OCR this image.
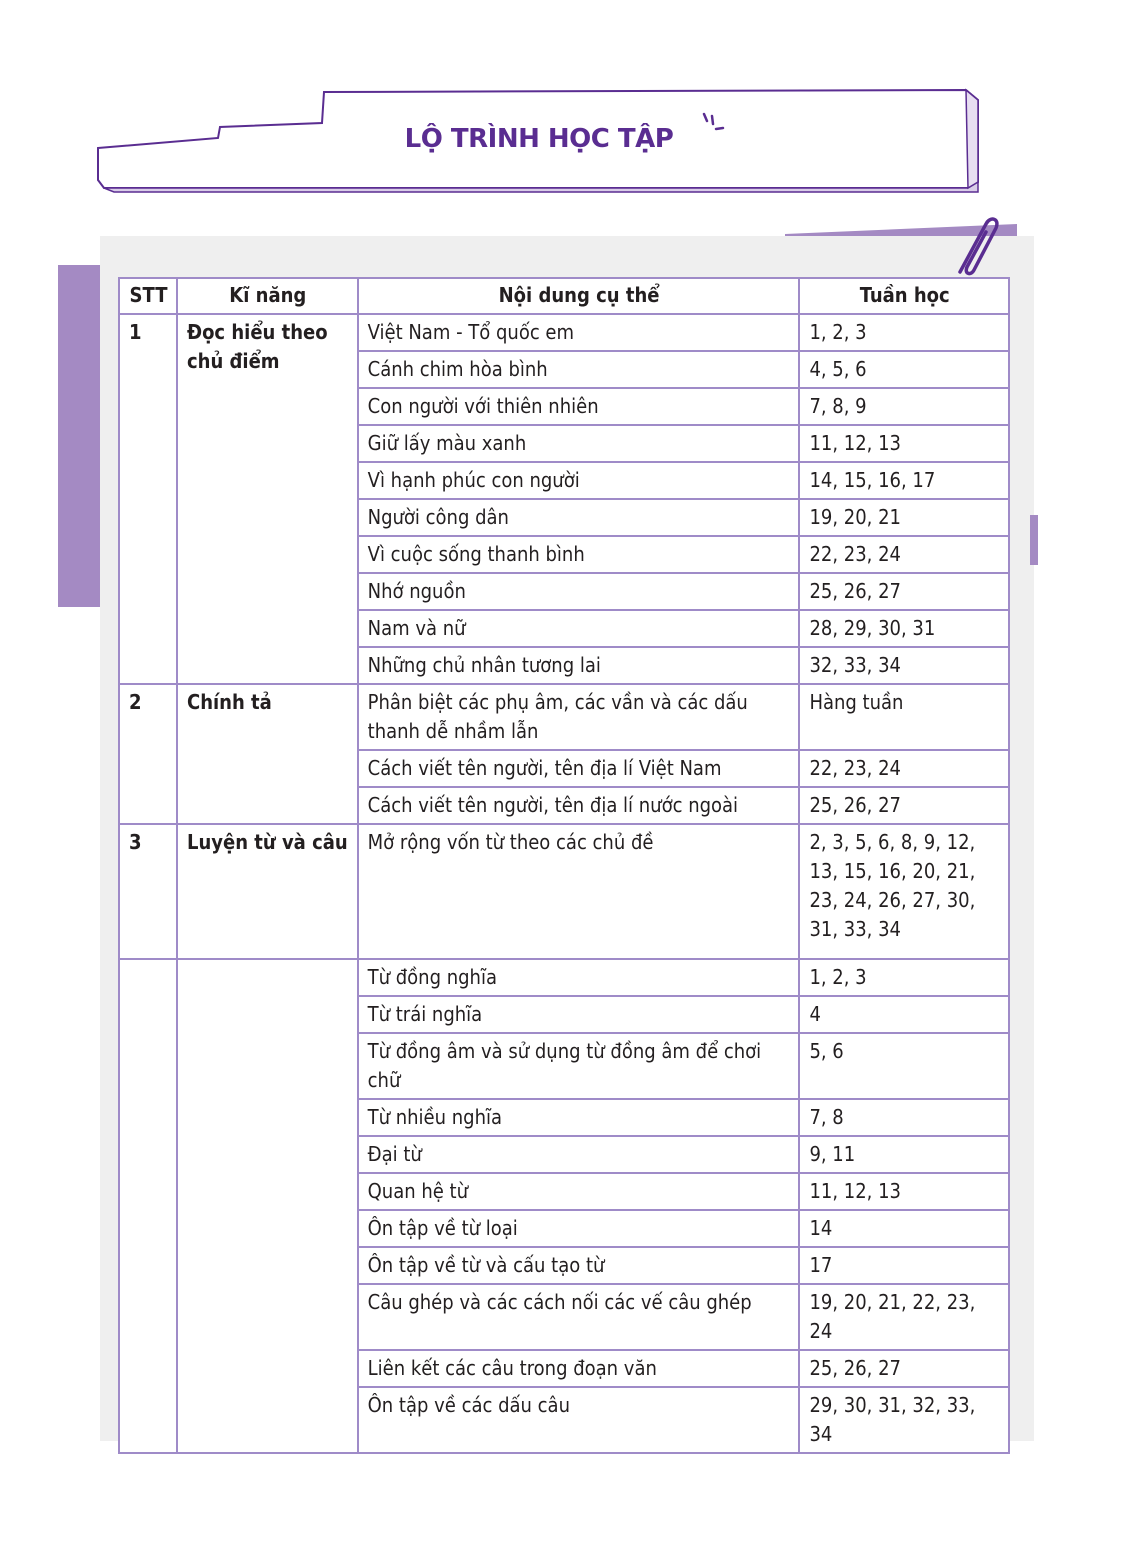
LỘ TRÌNH HỌC TẬP
STT	Kĩ năng	Nội dung cụ thể	Tuần học
1	Đọc hiểu theo chủ điểm	Việt Nam - Tổ quốc em	1, 2, 3
		Cánh chim hòa bình	4, 5, 6
		Con người với thiên nhiên	7, 8, 9
		Giữ lấy màu xanh	11, 12, 13
		Vì hạnh phúc con người	14, 15, 16, 17
		Người công dân	19, 20, 21
		Vì cuộc sống thanh bình	22, 23, 24
		Nhớ nguồn	25, 26, 27
		Nam và nữ	28, 29, 30, 31
		Những chủ nhân tương lai	32, 33, 34
2	Chính tả	Phân biệt các phụ âm, các vần và các dấu thanh dễ nhầm lẫn	Hàng tuần
		Cách viết tên người, tên địa lí Việt Nam	22, 23, 24
		Cách viết tên người, tên địa lí nước ngoài	25, 26, 27
3	Luyện từ và câu	Mở rộng vốn từ theo các chủ đề	2, 3, 5, 6, 8, 9, 12, 13, 15, 16, 20, 21, 23, 24, 26, 27, 30, 31, 33, 34
		Từ đồng nghĩa	1, 2, 3
		Từ trái nghĩa	4
		Từ đồng âm và sử dụng từ đồng âm để chơi chữ	5, 6
		Từ nhiều nghĩa	7, 8
		Đại từ	9, 11
		Quan hệ từ	11, 12, 13
		Ôn tập về từ loại	14
		Ôn tập về từ và cấu tạo từ	17
		Câu ghép và các cách nối các vế câu ghép	19, 20, 21, 22, 23, 24
		Liên kết các câu trong đoạn văn	25, 26, 27
		Ôn tập về các dấu câu	29, 30, 31, 32, 33, 34
